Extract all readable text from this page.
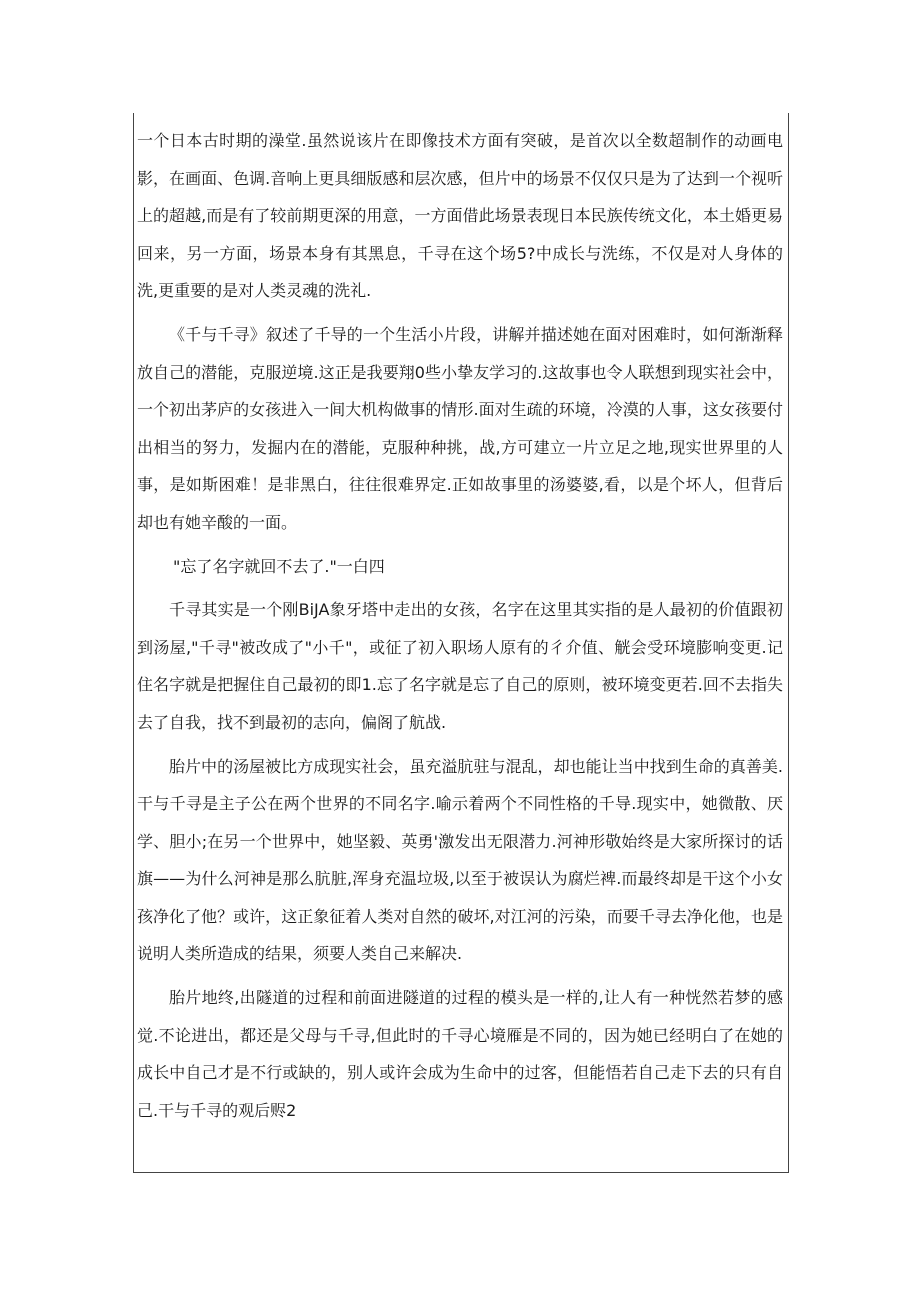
一个日本古时期的澡堂.虽然说该片在即像技术方面有突破，是首次以全数超制作的动画电影，在画面、色调.音响上更具细版感和层次感，但片中的场景不仅仅只是为了达到一个视听上的超越,而是有了较前期更深的用意，一方面借此场景表现日本民族传统文化，本土婚更易回来，另一方面，场景本身有其黑息，千寻在这个场5?中成长与洗练，不仅是对人身体的洗,更重要的是对人类灵魂的洗礼.

《千与千寻》叙述了千导的一个生活小片段，讲解并描述她在面对困难时，如何渐渐释放自己的潜能，克服逆境.这正是我要翔0些小挚友学习的.这故事也令人联想到现实社会中，一个初出茅庐的女孩进入一间大机构做事的情形.面对生疏的环境，冷漠的人事，这女孩要付出相当的努力，发掘内在的潜能，克服种种挑，战,方可建立一片立足之地,现实世界里的人事，是如斯困难！是非黑白，往往很难界定.正如故事里的汤婆婆,看，以是个坏人，但背后却也有她辛酸的一面。

"忘了名字就回不去了."一白四

千寻其实是一个刚BiJA象牙塔中走出的女孩，名字在这里其实指的是人最初的价值跟初到汤屋,"千寻"被改成了"小千"，或征了初入职场人原有的彳介值、觥会受环境膨响变更.记住名字就是把握住自己最初的即1.忘了名字就是忘了自己的原则，被环境变更若.回不去指失去了自我，找不到最初的志向，偏阁了航战.

胎片中的汤屋被比方成现实社会，虽充溢肮驻与混乱，却也能让当中找到生命的真善美.干与千寻是主子公在两个世界的不同名字.喻示着两个不同性格的千导.现实中，她微散、厌学、胆小;在另一个世界中，她坚毅、英勇'激发出无限潜力.河神形敬始终是大家所探讨的话旗——为什么河神是那么肮脏,浑身充温垃圾,以至于被误认为腐烂裨.而最终却是干这个小女孩净化了他？或许，这正象征着人类对自然的破坏,对江河的污染，而要千寻去净化他，也是说明人类所造成的结果，须要人类自己来解决.

胎片地终,出隧道的过程和前面进隧道的过程的模头是一样的,让人有一种恍然若梦的感觉.不论进出，都还是父母与千寻,但此时的千寻心境雁是不同的，因为她已经明白了在她的成长中自己才是不行或缺的，别人或许会成为生命中的过客，但能悟若自己走下去的只有自己.干与千寻的观后赆2
